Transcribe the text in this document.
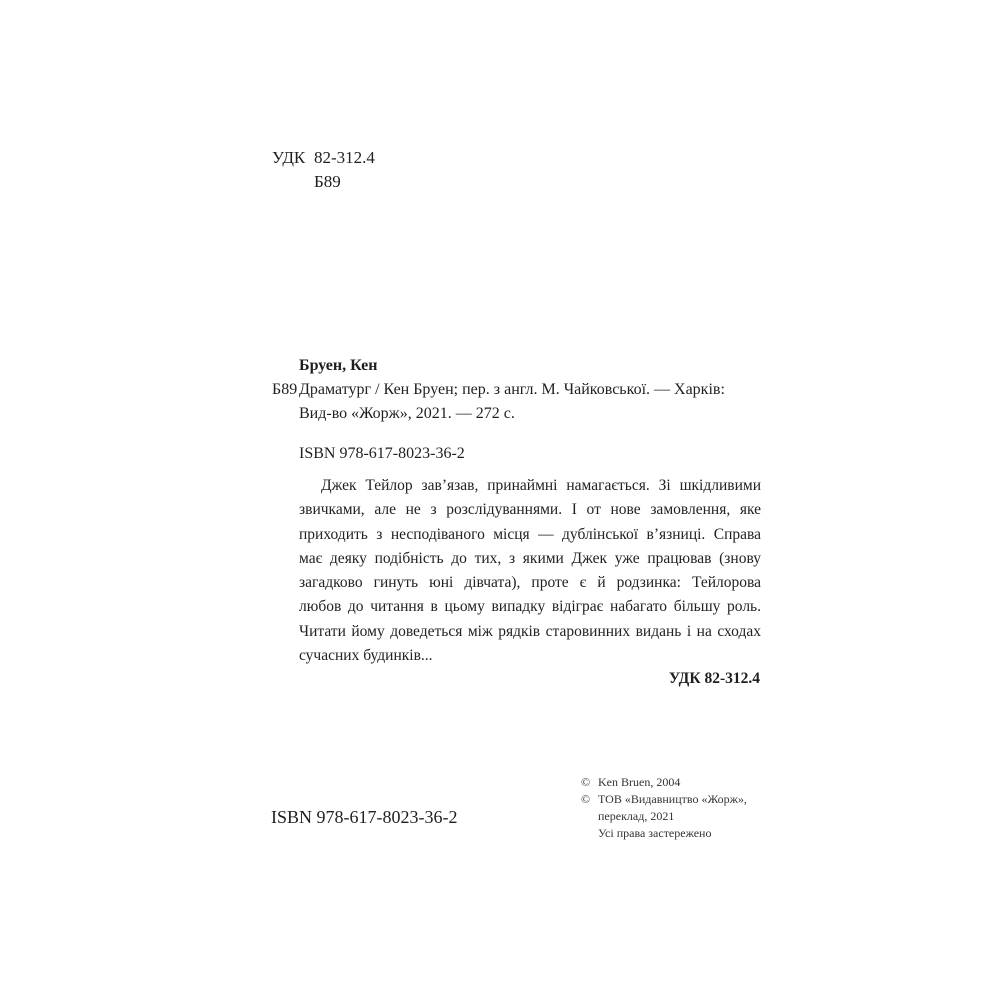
УДК 82-312.4
Б89
Бруен, Кен
Б89 Драматург / Кен Бруен; пер. з англ. М. Чайковської. — Харків:
Вид-во «Жорж», 2021. — 272 с.
ISBN 978-617-8023-36-2
Джек Тейлор зав’язав, принаймні намагається. Зі шкідливими
звичками, але не з розслідуваннями. І от нове замовлення, яке
приходить з несподіваного місця — дублінської в’язниці. Справа
має деяку подібність до тих, з якими Джек уже працював (знову
загадково гинуть юні дівчата), проте є й родзинка: Тейлорова
любов до читання в цьому випадку відіграє набагато більшу роль.
Читати йому доведеться між рядків старовинних видань і на сходах
сучасних будинків...
УДК 82-312.4
© Ken Bruen, 2004
© ТОВ «Видавництво «Жорж»,
переклад, 2021
Усі права застережено
ISBN 978-617-8023-36-2
